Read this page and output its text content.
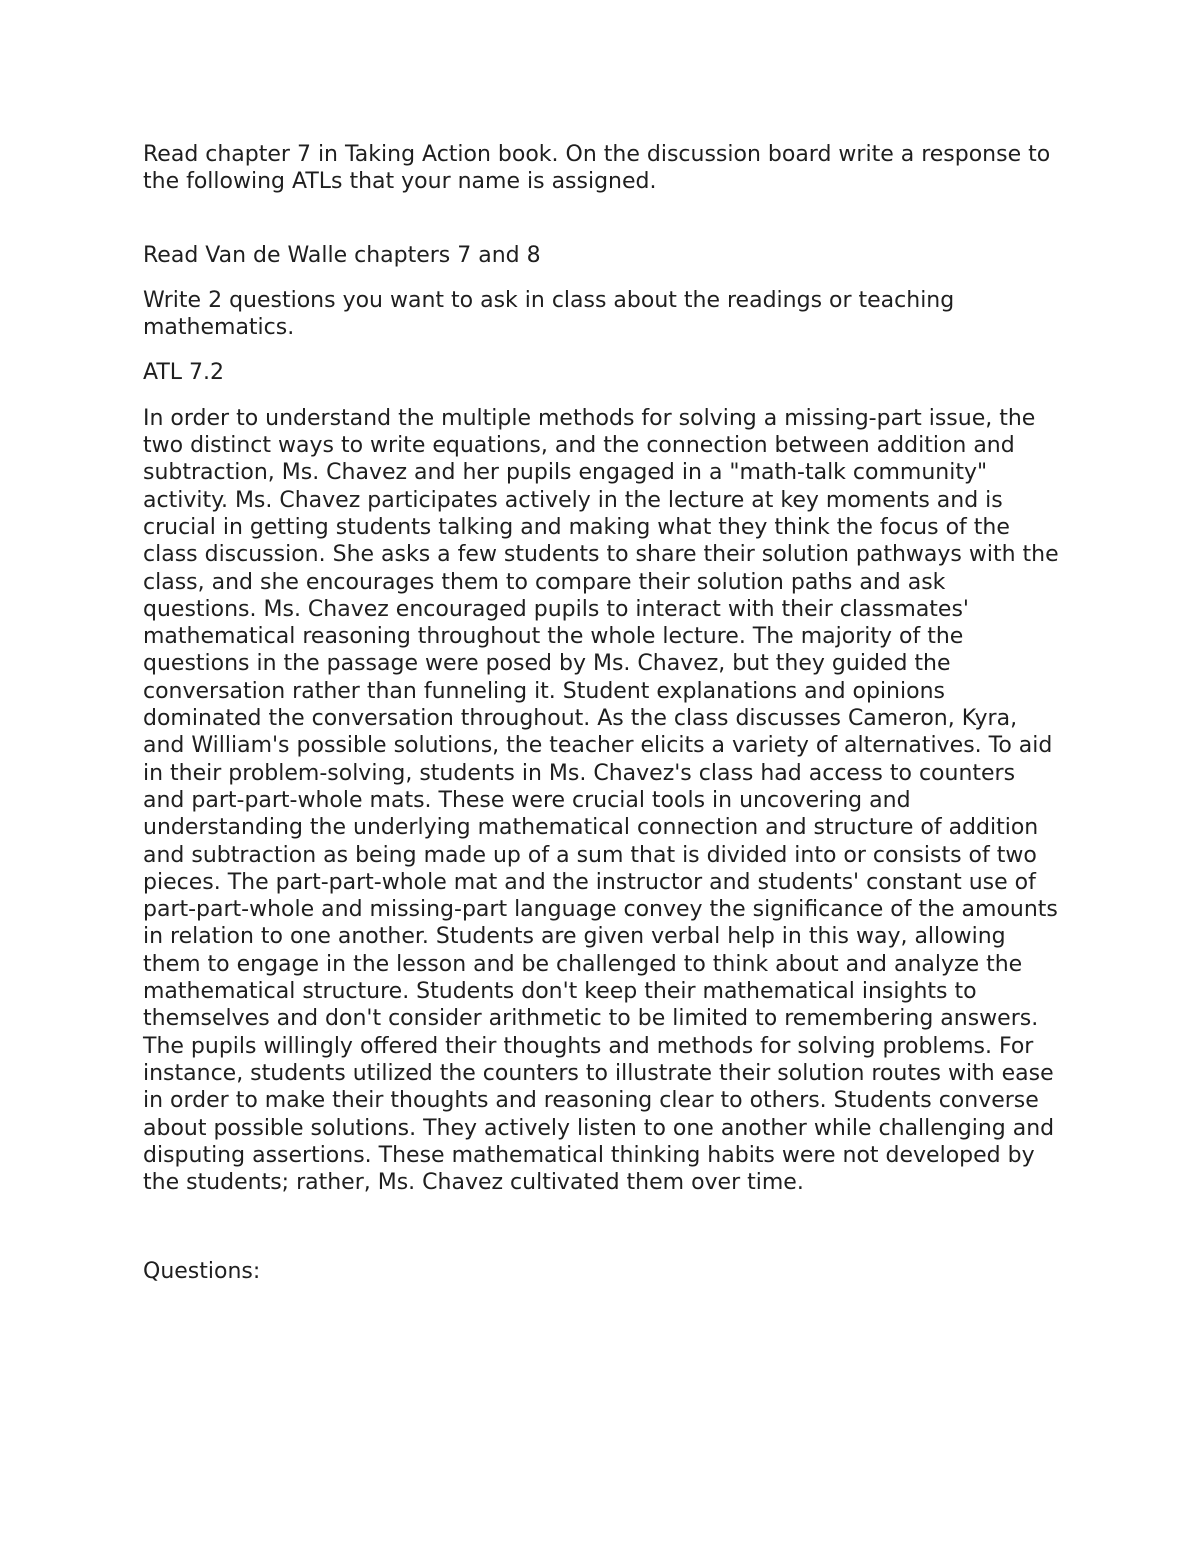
Read chapter 7 in Taking Action book. On the discussion board write a response to the following ATLs that your name is assigned.

Read Van de Walle chapters 7 and 8

Write 2 questions you want to ask in class about the readings or teaching mathematics.

ATL 7.2

In order to understand the multiple methods for solving a missing-part issue, the two distinct ways to write equations, and the connection between addition and subtraction, Ms. Chavez and her pupils engaged in a "math-talk community" activity. Ms. Chavez participates actively in the lecture at key moments and is crucial in getting students talking and making what they think the focus of the class discussion. She asks a few students to share their solution pathways with the class, and she encourages them to compare their solution paths and ask questions. Ms. Chavez encouraged pupils to interact with their classmates' mathematical reasoning throughout the whole lecture. The majority of the questions in the passage were posed by Ms. Chavez, but they guided the conversation rather than funneling it. Student explanations and opinions dominated the conversation throughout. As the class discusses Cameron, Kyra, and William's possible solutions, the teacher elicits a variety of alternatives. To aid in their problem-solving, students in Ms. Chavez's class had access to counters and part-part-whole mats. These were crucial tools in uncovering and understanding the underlying mathematical connection and structure of addition and subtraction as being made up of a sum that is divided into or consists of two pieces. The part-part-whole mat and the instructor and students' constant use of part-part-whole and missing-part language convey the significance of the amounts in relation to one another. Students are given verbal help in this way, allowing them to engage in the lesson and be challenged to think about and analyze the mathematical structure. Students don't keep their mathematical insights to themselves and don't consider arithmetic to be limited to remembering answers. The pupils willingly offered their thoughts and methods for solving problems. For instance, students utilized the counters to illustrate their solution routes with ease in order to make their thoughts and reasoning clear to others. Students converse about possible solutions. They actively listen to one another while challenging and disputing assertions. These mathematical thinking habits were not developed by the students; rather, Ms. Chavez cultivated them over time.

Questions:
